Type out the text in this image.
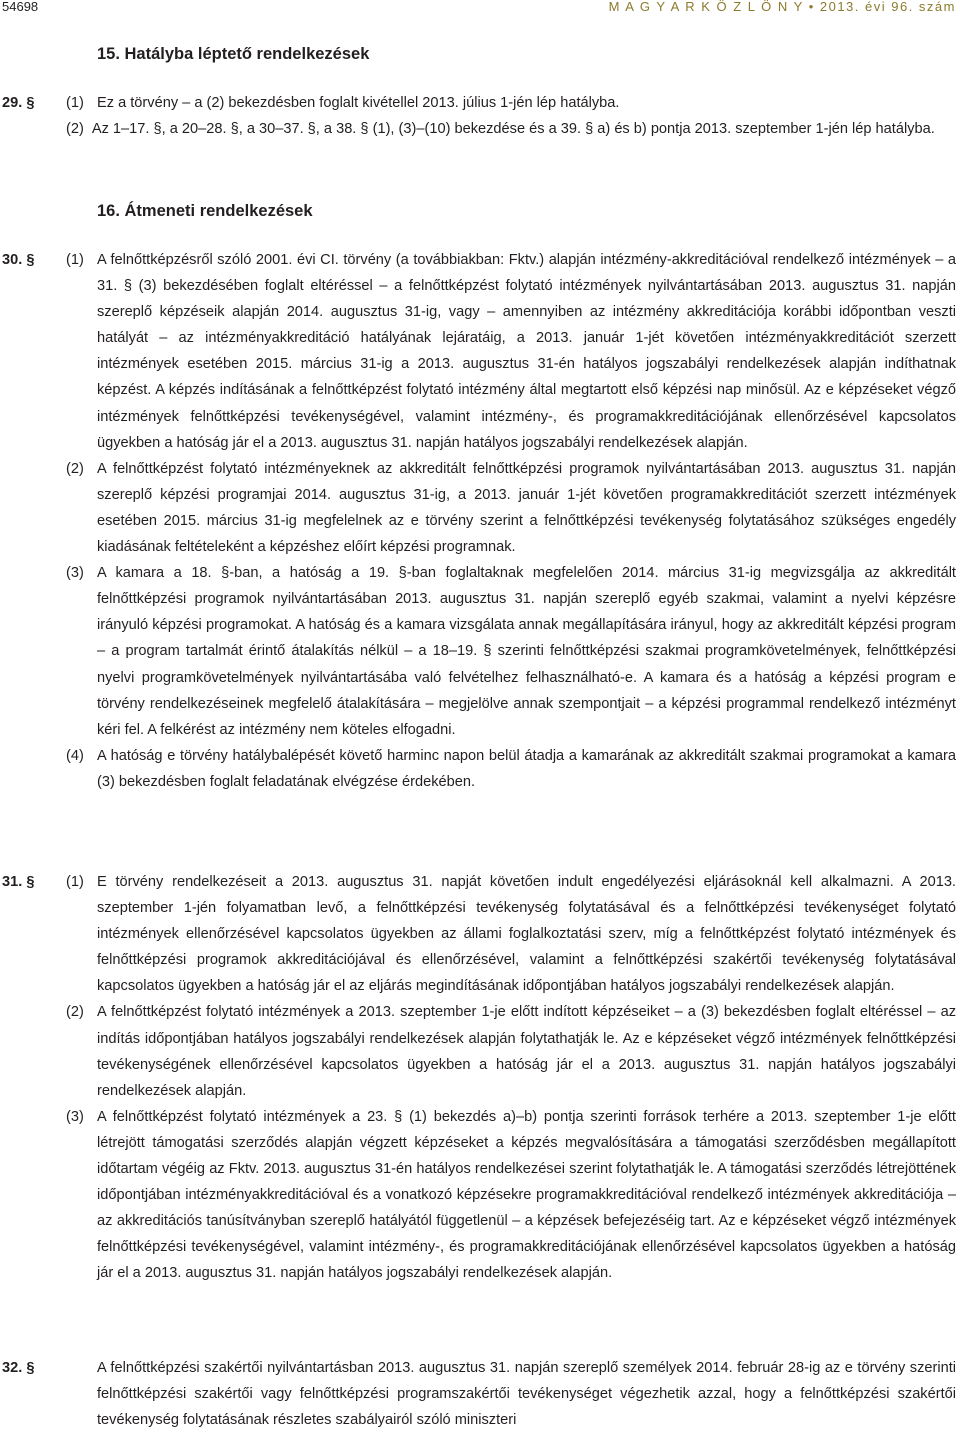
54698	M A G Y A R K Ö Z L Ö N Y • 2013. évi 96. szám
15. Hatályba léptető rendelkezések
29. § (1) Ez a törvény – a (2) bekezdésben foglalt kivétellel 2013. július 1-jén lép hatályba.
(2) Az 1–17. §, a 20–28. §, a 30–37. §, a 38. § (1), (3)–(10) bekezdése és a 39. § a) és b) pontja 2013. szeptember 1-jén lép hatályba.
16. Átmeneti rendelkezések
30. § (1) A felnőttképzésről szóló 2001. évi CI. törvény (a továbbiakban: Fktv.) alapján intézmény-akkreditációval rendelkező intézmények – a 31. § (3) bekezdésében foglalt eltéréssel – a felnőttképzést folytató intézmények nyilvántartásában 2013. augusztus 31. napján szereplő képzéseik alapján 2014. augusztus 31-ig, vagy – amennyiben az intézmény akkreditációja korábbi időpontban veszti hatályát – az intézményakkreditáció hatályának lejáratáig, a 2013. január 1-jét követően intézményakkreditációt szerzett intézmények esetében 2015. március 31-ig a 2013. augusztus 31-én hatályos jogszabályi rendelkezések alapján indíthatnak képzést. A képzés indításának a felnőttképzést folytató intézmény által megtartott első képzési nap minősül. Az e képzéseket végző intézmények felnőttképzési tevékenységével, valamint intézmény-, és programakkreditációjának ellenőrzésével kapcsolatos ügyekben a hatóság jár el a 2013. augusztus 31. napján hatályos jogszabályi rendelkezések alapján.
(2) A felnőttképzést folytató intézményeknek az akkreditált felnőttképzési programok nyilvántartásában 2013. augusztus 31. napján szereplő képzési programjai 2014. augusztus 31-ig, a 2013. január 1-jét követően programakkreditációt szerzett intézmények esetében 2015. március 31-ig megfelelnek az e törvény szerint a felnőttképzési tevékenység folytatásához szükséges engedély kiadásának feltételeként a képzéshez előírt képzési programnak.
(3) A kamara a 18. §-ban, a hatóság a 19. §-ban foglaltaknak megfelelően 2014. március 31-ig megvizsgálja az akkreditált felnőttképzési programok nyilvántartásában 2013. augusztus 31. napján szereplő egyéb szakmai, valamint a nyelvi képzésre irányuló képzési programokat. A hatóság és a kamara vizsgálata annak megállapítására irányul, hogy az akkreditált képzési program – a program tartalmát érintő átalakítás nélkül – a 18–19. § szerinti felnőttképzési szakmai programkövetelmények, felnőttképzési nyelvi programkövetelmények nyilvántartásába való felvételhez felhasználható-e. A kamara és a hatóság a képzési program e törvény rendelkezéseinek megfelelő átalakítására – megjelölve annak szempontjait – a képzési programmal rendelkező intézményt kéri fel. A felkérést az intézmény nem köteles elfogadni.
(4) A hatóság e törvény hatálybalépését követő harminc napon belül átadja a kamarának az akkreditált szakmai programokat a kamara (3) bekezdésben foglalt feladatának elvégzése érdekében.
31. § (1) E törvény rendelkezéseit a 2013. augusztus 31. napját követően indult engedélyezési eljárásoknál kell alkalmazni. A 2013. szeptember 1-jén folyamatban levő, a felnőttképzési tevékenység folytatásával és a felnőttképzési tevékenységet folytató intézmények ellenőrzésével kapcsolatos ügyekben az állami foglalkoztatási szerv, míg a felnőttképzést folytató intézmények és felnőttképzési programok akkreditációjával és ellenőrzésével, valamint a felnőttképzési szakértői tevékenység folytatásával kapcsolatos ügyekben a hatóság jár el az eljárás megindításának időpontjában hatályos jogszabályi rendelkezések alapján.
(2) A felnőttképzést folytató intézmények a 2013. szeptember 1-je előtt indított képzéseiket – a (3) bekezdésben foglalt eltéréssel – az indítás időpontjában hatályos jogszabályi rendelkezések alapján folytathatják le. Az e képzéseket végző intézmények felnőttképzési tevékenységének ellenőrzésével kapcsolatos ügyekben a hatóság jár el a 2013. augusztus 31. napján hatályos jogszabályi rendelkezések alapján.
(3) A felnőttképzést folytató intézmények a 23. § (1) bekezdés a)–b) pontja szerinti források terhére a 2013. szeptember 1-je előtt létrejött támogatási szerződés alapján végzett képzéseket a képzés megvalósítására a támogatási szerződésben megállapított időtartam végéig az Fktv. 2013. augusztus 31-én hatályos rendelkezései szerint folytathatják le. A támogatási szerződés létrejöttének időpontjában intézményakkreditációval és a vonatkozó képzésekre programakkreditációval rendelkező intézmények akkreditációja – az akkreditációs tanúsítványban szereplő hatályától függetlenül – a képzések befejezéséig tart. Az e képzéseket végző intézmények felnőttképzési tevékenységével, valamint intézmény-, és programakkreditációjának ellenőrzésével kapcsolatos ügyekben a hatóság jár el a 2013. augusztus 31. napján hatályos jogszabályi rendelkezések alapján.
32. §	A felnőttképzési szakértői nyilvántartásban 2013. augusztus 31. napján szereplő személyek 2014. február 28-ig az e törvény szerinti felnőttképzési szakértői vagy felnőttképzési programszakértői tevékenységet végezhetik azzal, hogy a felnőttképzési szakértői tevékenység folytatásának részletes szabályairól szóló miniszteri
